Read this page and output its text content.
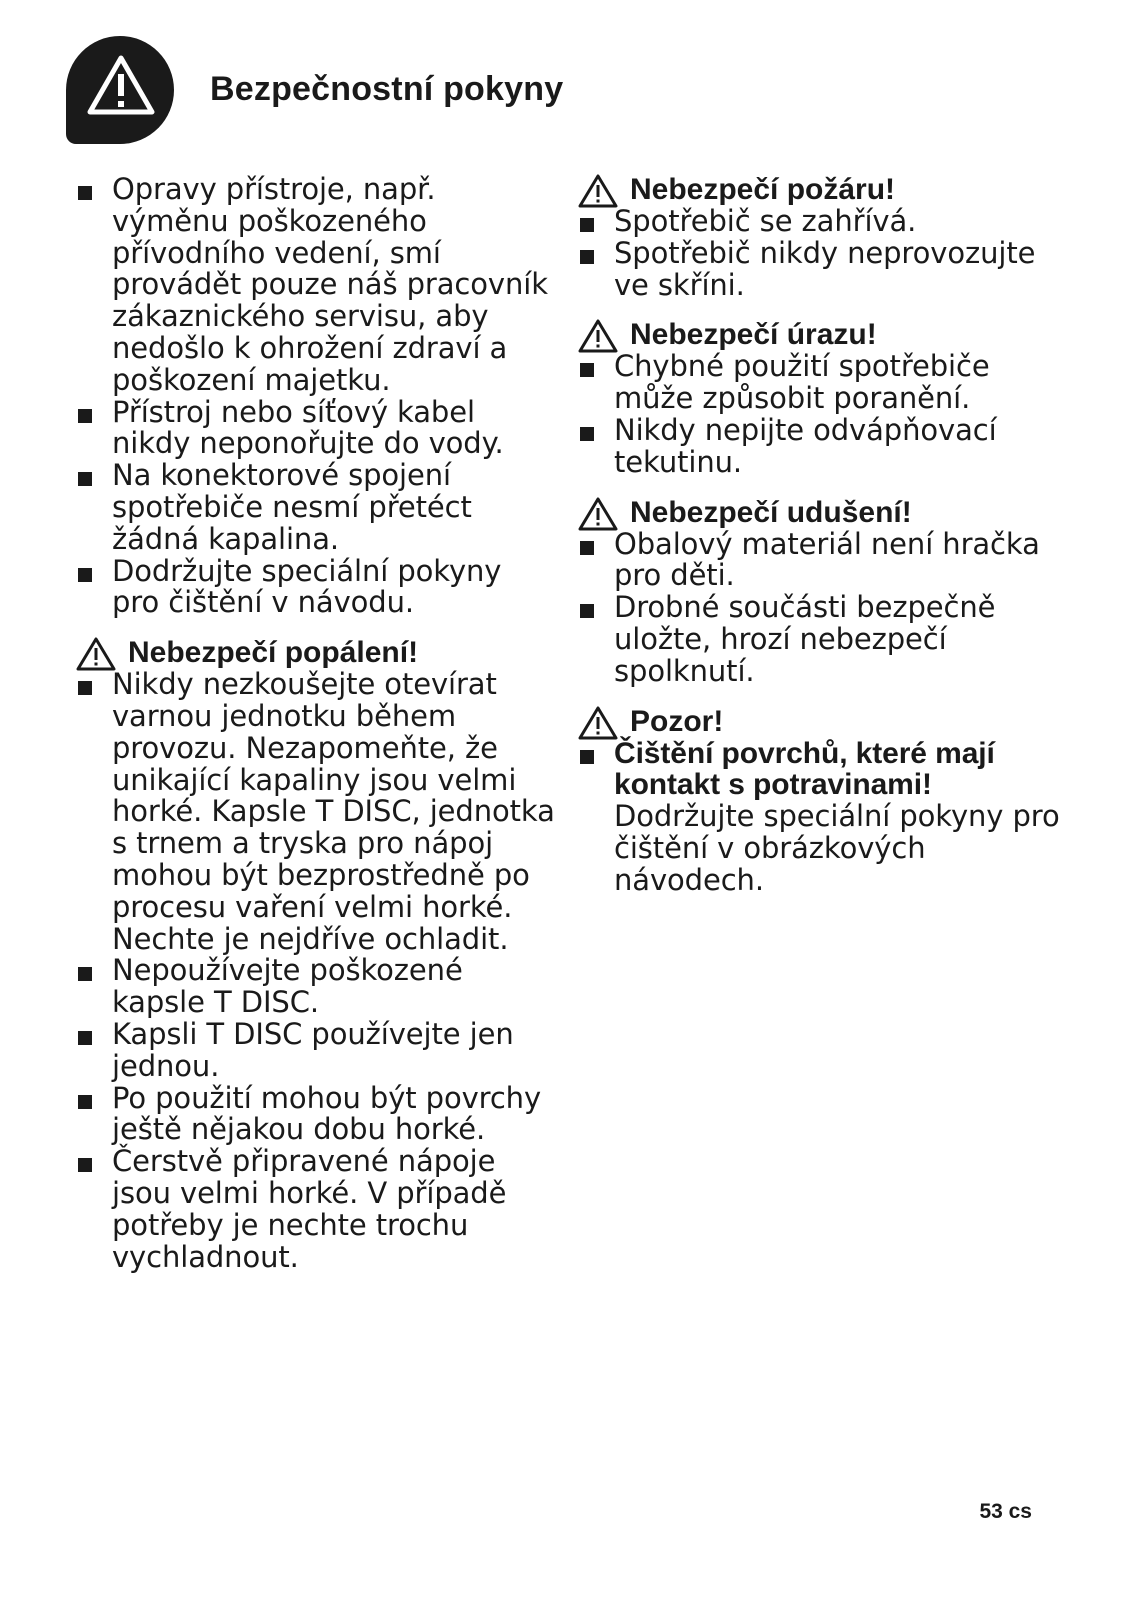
Bezpečnostní pokyny
Opravy přístroje, např. výměnu poškozeného přívodního vedení, smí provádět pouze náš pracovník zákaznického servisu, aby nedošlo k ohrožení zdraví a poškození majetku.
Přístroj nebo síťový kabel nikdy neponořujte do vody.
Na konektorové spojení spotřebiče nesmí přetéct žádná kapalina.
Dodržujte speciální pokyny pro čištění v návodu.
Nebezpečí popálení!
Nikdy nezkoušejte otevírat varnou jednotku během provozu. Nezapomeňte, že unikající kapaliny jsou velmi horké. Kapsle T DISC, jednotka s trnem a tryska pro nápoj mohou být bezprostředně po procesu vaření velmi horké. Nechte je nejdříve ochladit.
Nepoužívejte poškozené kapsle T DISC.
Kapsli T DISC používejte jen jednou.
Po použití mohou být povrchy ještě nějakou dobu horké.
Čerstvě připravené nápoje jsou velmi horké. V případě potřeby je nechte trochu vychladnout.
Nebezpečí požáru!
Spotřebič se zahřívá.
Spotřebič nikdy neprovozujte ve skříni.
Nebezpečí úrazu!
Chybné použití spotřebiče může způsobit poranění.
Nikdy nepijte odvápňovací tekutinu.
Nebezpečí udušení!
Obalový materiál není hračka pro děti.
Drobné součásti bezpečně uložte, hrozí nebezpečí spolknutí.
Pozor!
Čištění povrchů, které mají kontakt s potravinami!
Dodržujte speciální pokyny pro čištění v obrázkových návodech.
53 cs
